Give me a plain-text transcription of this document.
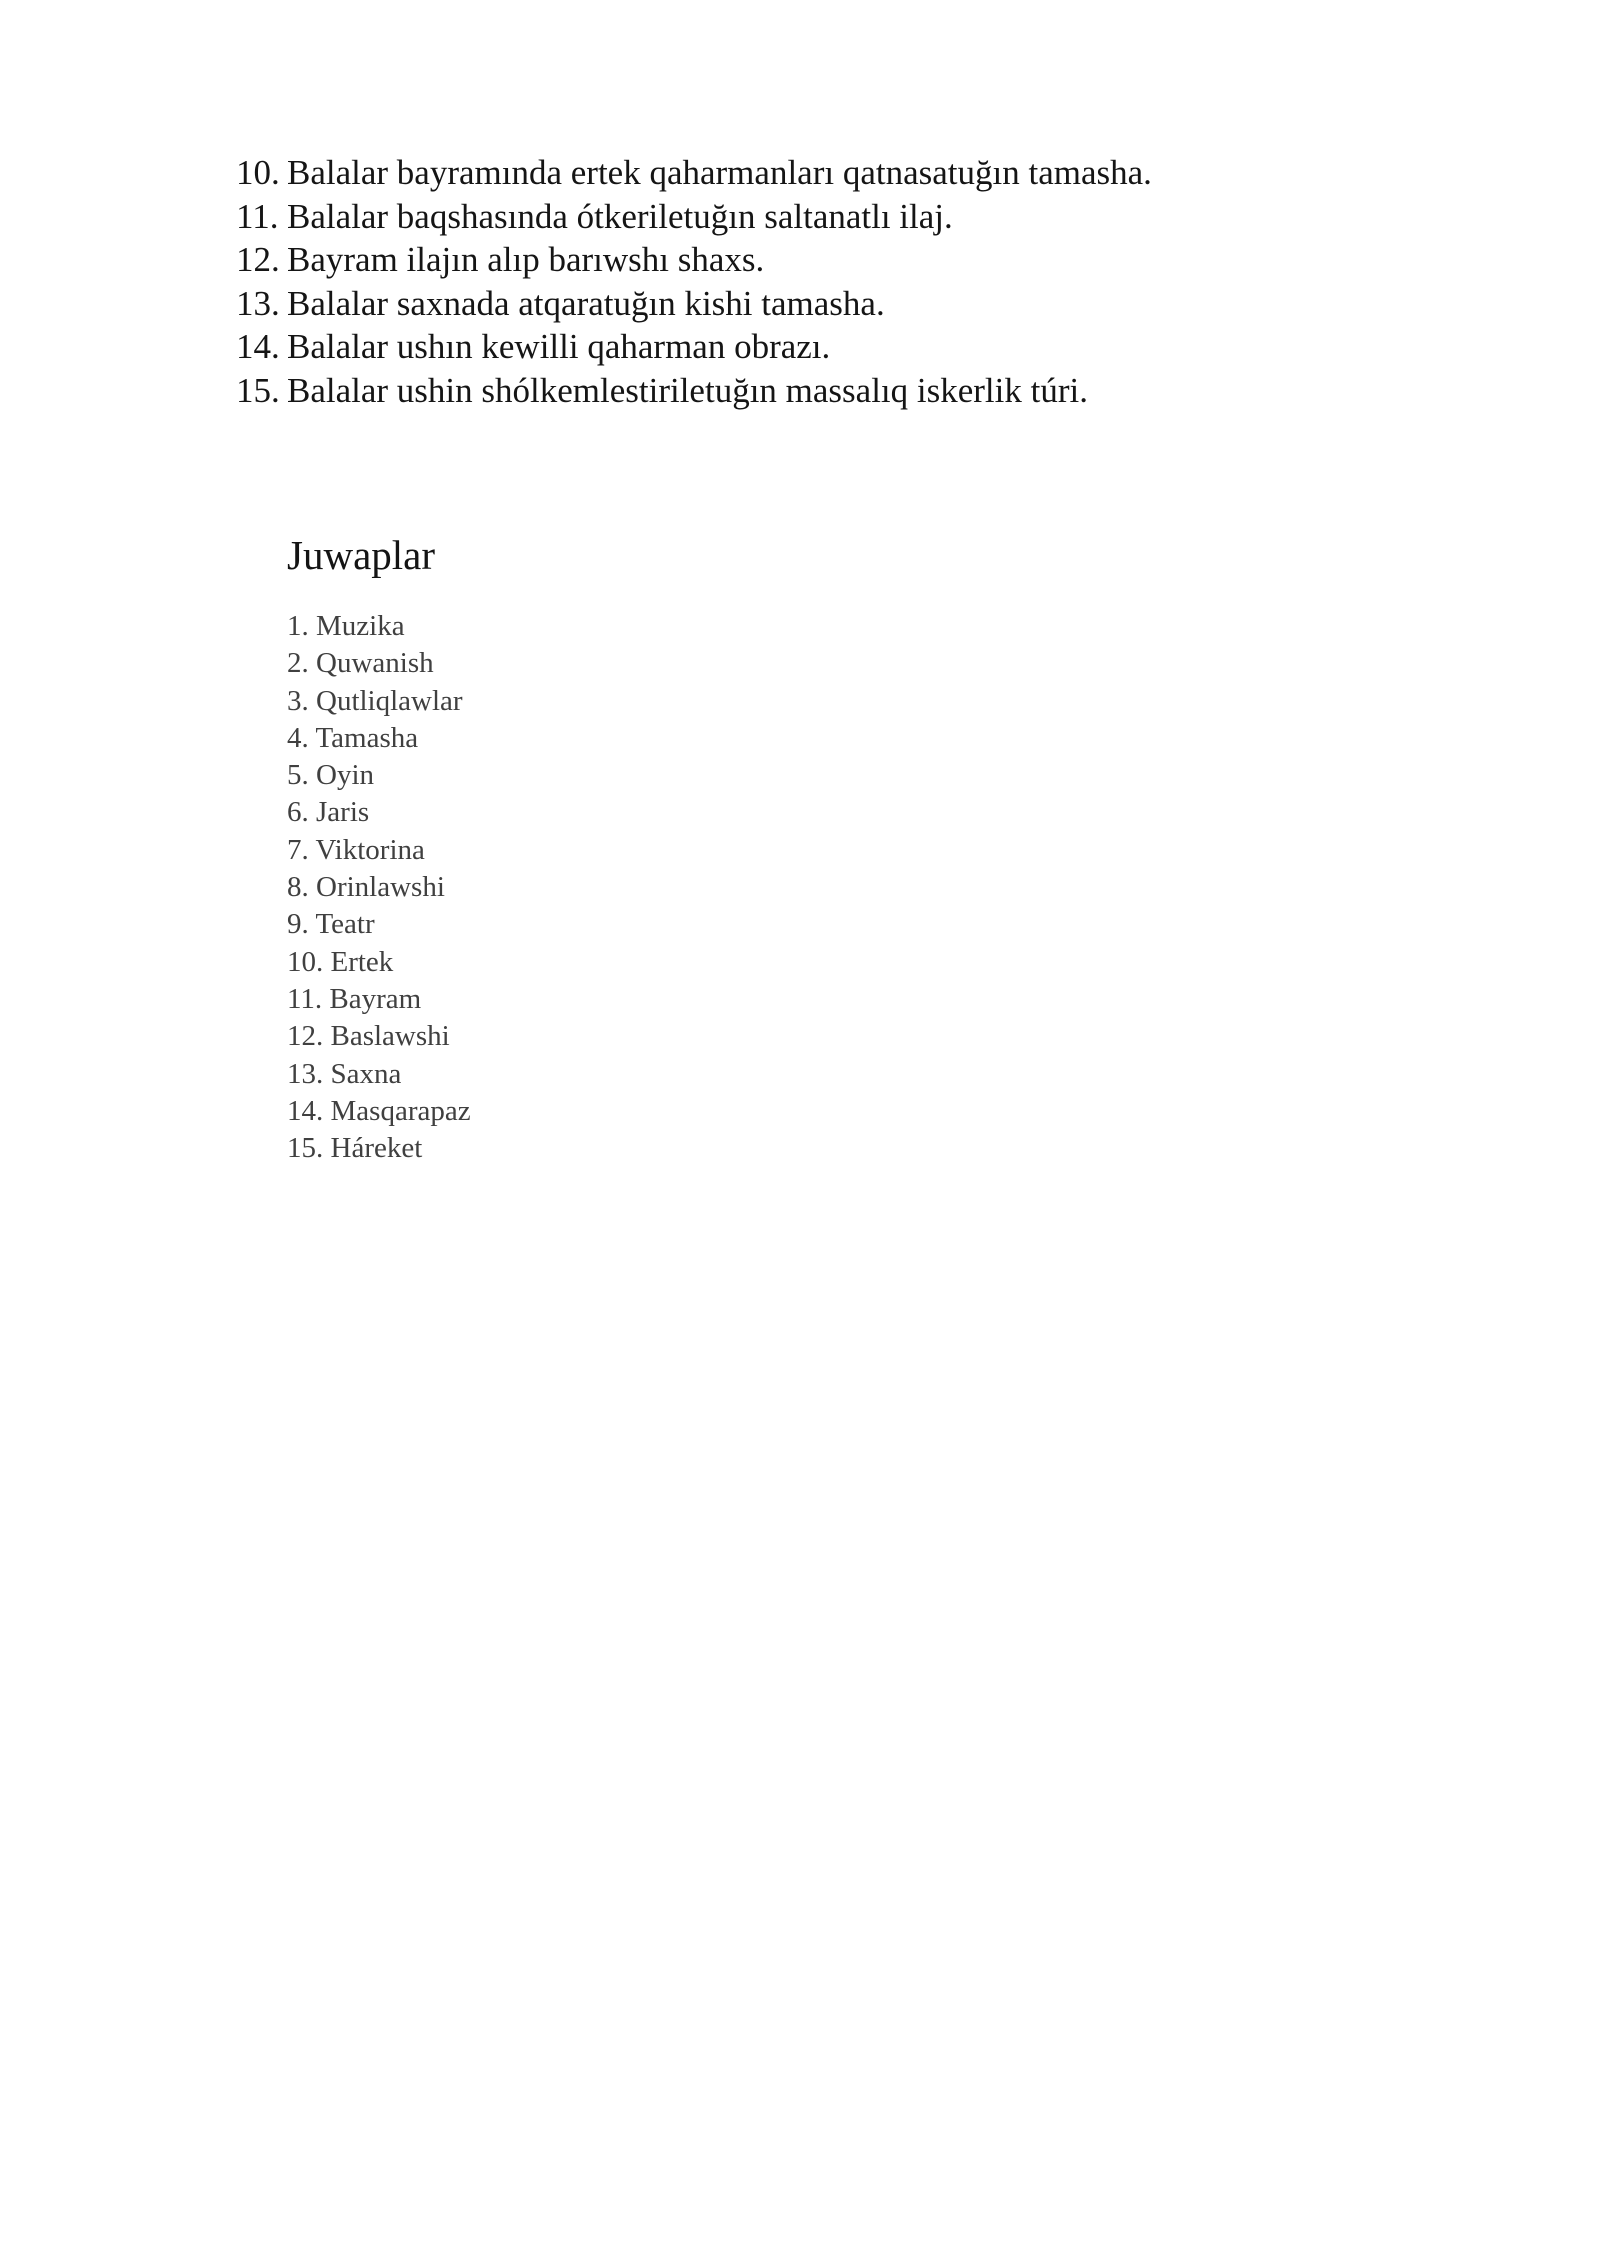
10. Balalar bayramında ertek qaharmanları qatnasatuğın tamasha.
11. Balalar baqshasında ótkeriletuğın saltanatlı ilaj.
12. Bayram ilajın alıp barıwshı shaxs.
13. Balalar saxnada atqaratuğın kishi tamasha.
14. Balalar ushın kewilli qaharman obrazı.
15. Balalar ushin shólkemlestiriletuğın massalıq iskerlik túri.
Juwaplar
1. Muzika
2. Quwanish
3. Qutliqlawlar
4. Tamasha
5. Oyin
6. Jaris
7. Viktorina
8. Orinlawshi
9. Teatr
10. Ertek
11. Bayram
12. Baslawshi
13. Saxna
14. Masqarapaz
15. Háreket
